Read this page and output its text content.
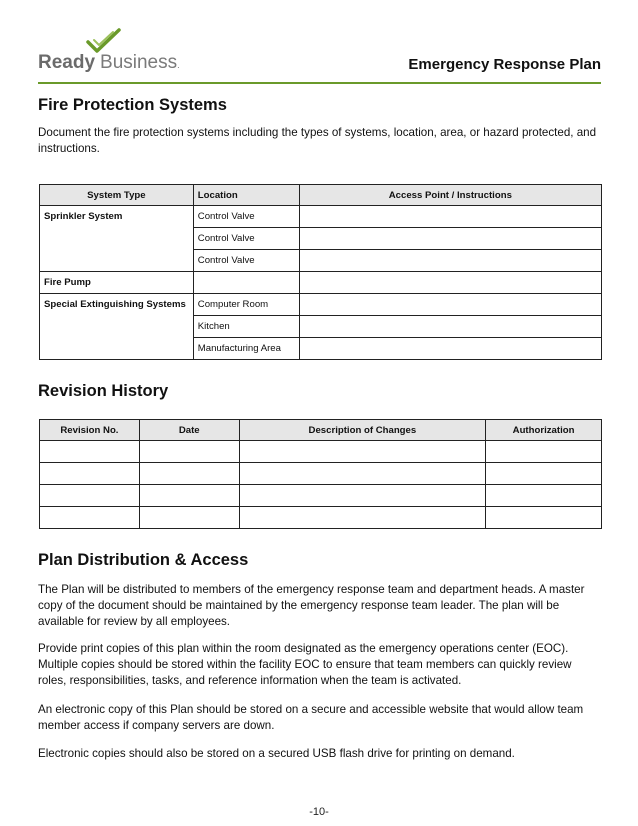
Ready Business.	Emergency Response Plan
Fire Protection Systems

Document the fire protection systems including the types of systems, location, area, or hazard protected, and instructions.

System Type	Location	Access Point / Instructions
Sprinkler System	Control Valve	
	Control Valve	
	Control Valve	
Fire Pump		
Special Extinguishing Systems	Computer Room	
	Kitchen	
	Manufacturing Area	
Revision History
Revision No.	Date	Description of Changes	Authorization

Plan Distribution & Access

The Plan will be distributed to members of the emergency response team and department heads. A master copy of the document should be maintained by the emergency response team leader. The plan will be available for review by all employees.

Provide print copies of this plan within the room designated as the emergency operations center (EOC). Multiple copies should be stored within the facility EOC to ensure that team members can quickly review roles, responsibilities, tasks, and reference information when the team is activated.

An electronic copy of this Plan should be stored on a secure and accessible website that would allow team member access if company servers are down.

Electronic copies should also be stored on a secured USB flash drive for printing on demand.

-10-
